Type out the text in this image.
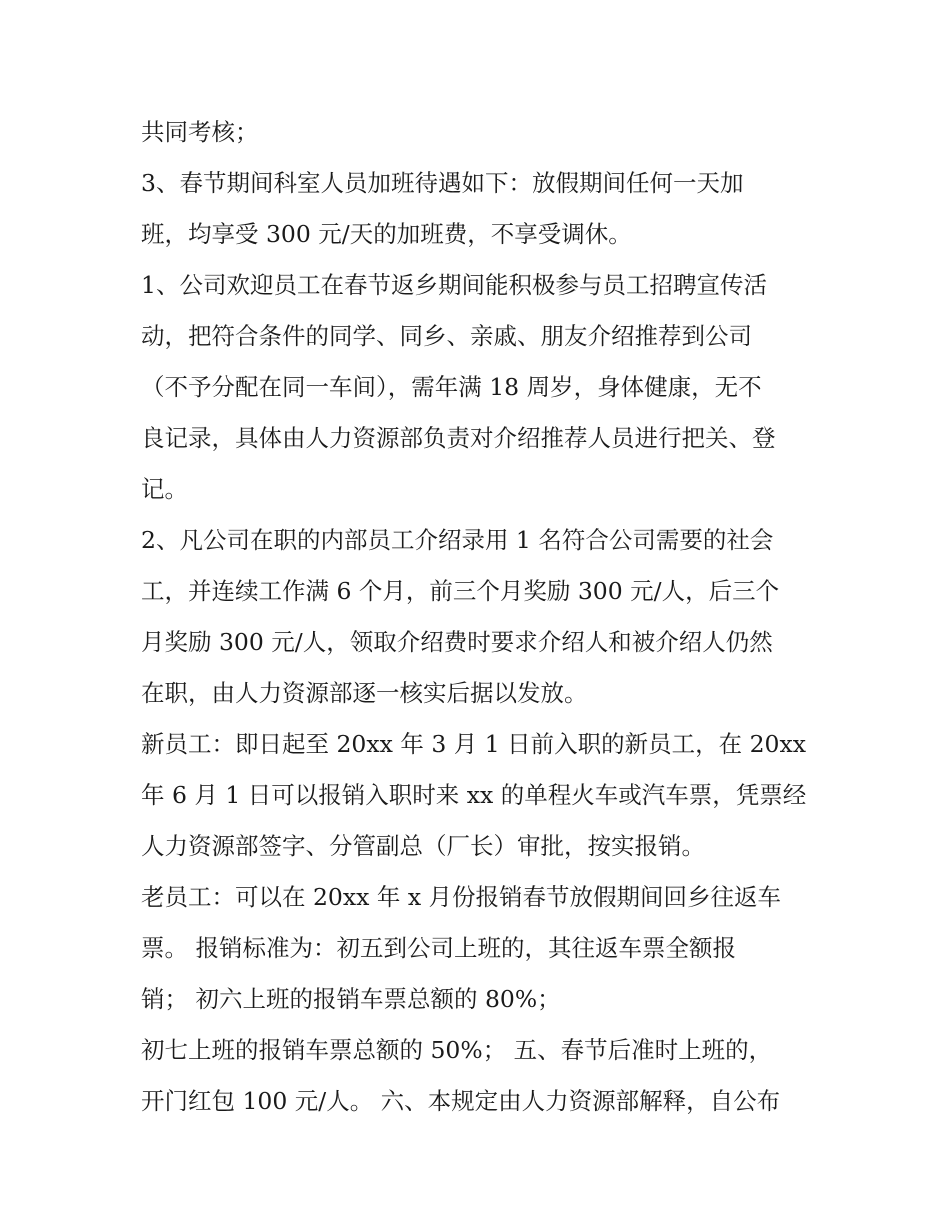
共同考核；
3、春节期间科室人员加班待遇如下：放假期间任何一天加
班，均享受 300 元/天的加班费，不享受调休。
1、公司欢迎员工在春节返乡期间能积极参与员工招聘宣传活
动，把符合条件的同学、同乡、亲戚、朋友介绍推荐到公司
（不予分配在同一车间），需年满 18 周岁，身体健康，无不
良记录，具体由人力资源部负责对介绍推荐人员进行把关、登
记。
2、凡公司在职的内部员工介绍录用 1 名符合公司需要的社会
工，并连续工作满 6 个月，前三个月奖励 300 元/人，后三个
月奖励 300 元/人，领取介绍费时要求介绍人和被介绍人仍然
在职，由人力资源部逐一核实后据以发放。
新员工：即日起至 20xx 年 3 月 1 日前入职的新员工，在 20xx
年 6 月 1 日可以报销入职时来 xx 的单程火车或汽车票，凭票经
人力资源部签字、分管副总（厂长）审批，按实报销。
老员工：可以在 20xx 年 x 月份报销春节放假期间回乡往返车
票。 报销标准为：初五到公司上班的，其往返车票全额报
销； 初六上班的报销车票总额的 80%；
初七上班的报销车票总额的 50%； 五、春节后准时上班的，
开门红包 100 元/人。 六、本规定由人力资源部解释，自公布
